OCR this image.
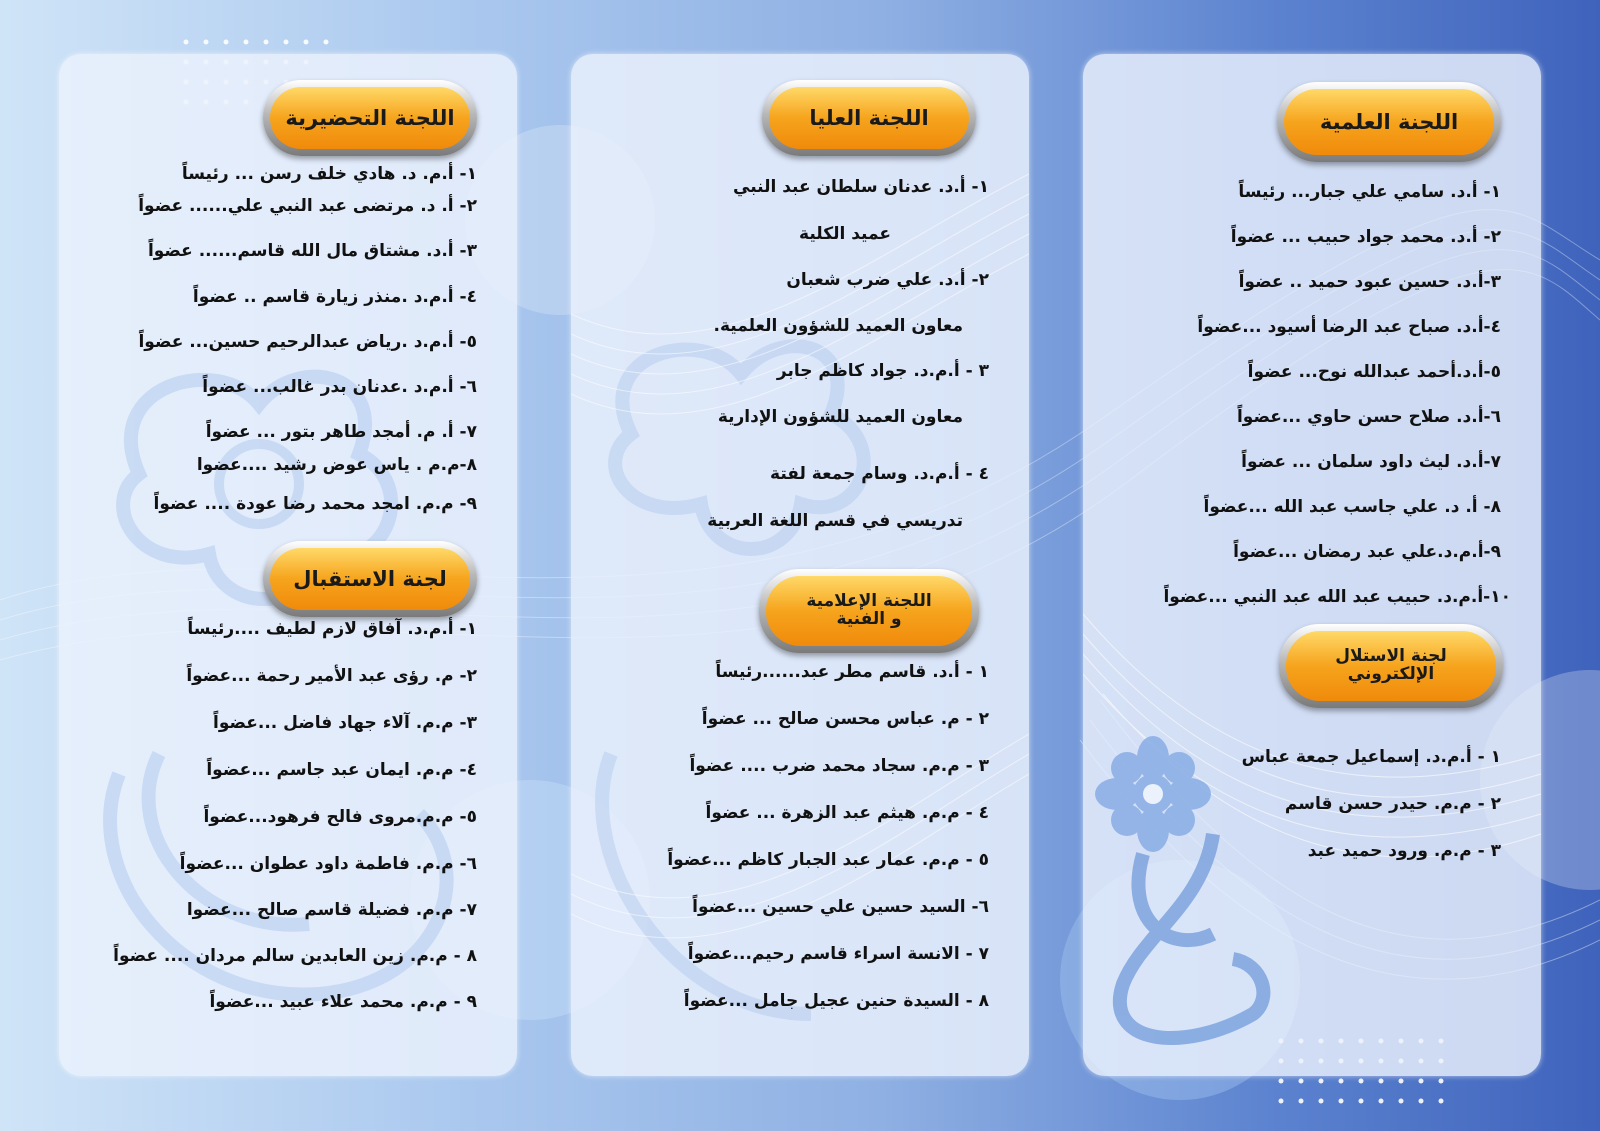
اللجنة التحضيرية
١- أ.م. د. هادي خلف رسن ... رئيساً
٢- أ. د. مرتضى عبد النبي علي...... عضواً
٣- أ.د. مشتاق مال الله قاسم...... عضواً
٤- أ.م.د .منذر زيارة قاسم .. عضواً
٥- أ.م.د .رياض عبدالرحيم حسين... عضواً
٦- أ.م.د .عدنان بدر غالب... عضواً
٧- أ. م. أمجد طاهر بتور ... عضواً
٨-م.م . ياس عوض رشيد ....عضوا
٩- م.م. امجد محمد رضا عودة .... عضواً
لجنة الاستقبال
١- أ.م.د. آفاق لازم لطيف ....رئيساً
٢- م. رؤى عبد الأمير رحمة ...عضواً
٣- م.م. آلاء جهاد فاضل ...عضواً
٤- م.م. ايمان عبد جاسم ...عضواً
٥- م.م.مروى فالح فرهود...عضواً
٦- م.م. فاطمة داود عطوان ...عضواً
٧- م.م. فضيلة قاسم صالح ...عضوا
٨ - م.م. زين العابدين سالم مردان .... عضواً
٩ - م.م. محمد علاء عبيد ...عضواً
اللجنة العليا
١- أ.د. عدنان سلطان عبد النبي
عميد الكلية
٢- أ.د. علي ضرب شعبان
معاون العميد للشؤون العلمية.
٣ - أ.م.د. جواد كاظم جابر
معاون العميد للشؤون الإدارية
٤ - أ.م.د. وسام جمعة لفتة
تدريسي في قسم اللغة العربية
اللجنة الإعلامية
و الفنية
١ - أ.د. قاسم مطر عبد......رئيساً
٢ - م. عباس محسن صالح ... عضواً
٣ - م.م. سجاد محمد ضرب .... عضواً
٤ - م.م. هيثم عبد الزهرة ... عضواً
٥ - م.م. عمار عبد الجبار كاظم ...عضواً
٦- السيد حسين علي حسين ...عضواً
٧ - الانسة اسراء قاسم رحيم...عضواً
٨ - السيدة حنين عجيل جامل ...عضواً
اللجنة العلمية
١- أ.د. سامي علي جبار... رئيساً
٢- أ.د. محمد جواد حبيب ... عضواً
٣-أ.د. حسين عبود حميد .. عضواً
٤-أ.د. صباح عبد الرضا أسيود ...عضواً
٥-أ.د.أحمد عبدالله نوح... عضواً
٦-أ.د. صلاح حسن حاوي ...عضواً
٧-أ.د. ليث داود سلمان ... عضواً
٨- أ. د. علي جاسب عبد الله ...عضواً
٩-أ.م.د.علي عبد رمضان ...عضواً
١٠-أ.م.د. حبيب عبد الله عبد النبي ...عضواً
لجنة الاستلال
الإلكتروني
١ - أ.م.د. إسماعيل جمعة عباس
٢ - م.م. حيدر حسن قاسم
٣ - م.م. ورود حميد عبد
